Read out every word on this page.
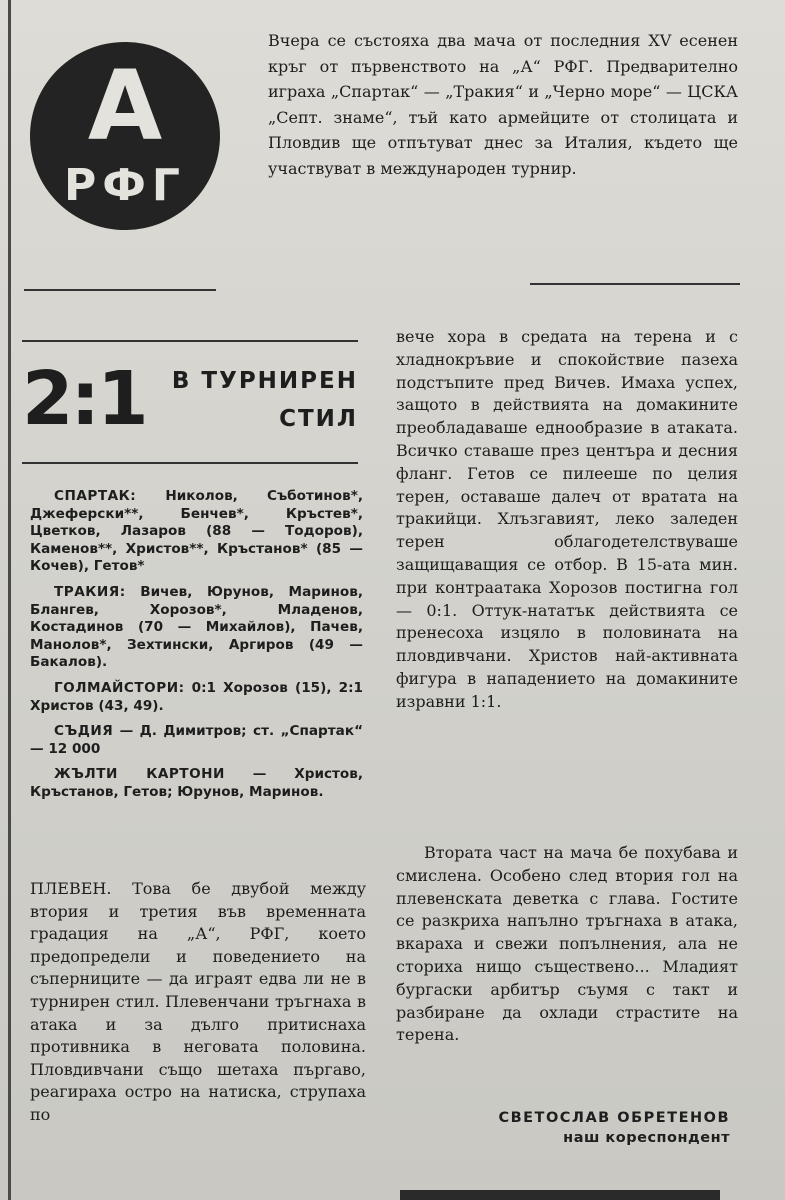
А
РФГ

Вчера се състояха два мача от последния XV есенен кръг от първенството на „А“ РФГ. Предварително играха „Спартак“ — „Тракия“ и „Черно море“ — ЦСКА „Септ. знаме“, тъй като армейците от столицата и Пловдив ще отпътуват днес за Италия, където ще участвуват в международен турнир.

2:1	В ТУРНИРЕН
СТИЛ

СПАРТАК: Николов, Съботинов*, Джеферски**, Бенчев*, Кръстев*, Цветков, Лазаров (88 — Тодоров), Каменов**, Христов**, Кръстанов* (85 — Кочев), Гетов*

ТРАКИЯ: Вичев, Юрунов, Маринов, Блангев, Хорозов*, Младенов, Костадинов (70 — Михайлов), Пачев, Манолов*, Зехтински, Аргиров (49 — Бакалов).

ГОЛМАЙСТОРИ: 0:1 Хорозов (15), 2:1 Христов (43, 49).

СЪДИЯ — Д. Димитров; ст. „Спартак“ — 12 000

ЖЪЛТИ КАРТОНИ — Христов, Кръстанов, Гетов; Юрунов, Маринов.

ПЛЕВЕН. Това бе двубой между втория и третия във временната градация на „А“, РФГ, което предопредели и поведението на съперниците — да играят едва ли не в турнирен стил. Плевенчани тръгнаха в атака и за дълго притиснаха противника в неговата половина. Пловдивчани също шетаха пъргаво, реагираха остро на натиска, струпаха по

вече хора в средата на терена и с хладнокръвие и спокойствие пазеха подстъпите пред Вичев. Имаха успех, защото в действията на домакините преобладаваше еднообразие в атаката. Всичко ставаше през центъра и десния фланг. Гетов се пилееше по целия терен, оставаше далеч от вратата на тракийци. Хлъзгавият, леко заледен терен облагодетелствуваше защищаващия се отбор. В 15-ата мин. при контраатака Хорозов постигна гол — 0:1. Оттук-нататък действията се пренесоха изцяло в половината на пловдивчани. Христов най-активната фигура в нападението на домакините изравни 1:1.

Втората част на мача бе похубава и смислена. Особено след втория гол на плевенската деветка с глава. Гостите се разкриха напълно тръгнаха в атака, вкараха и свежи попълнения, ала не сториха нищо съществено... Младият бургаски арбитър съумя с такт и разбиране да охлади страстите на терена.

СВЕТОСЛАВ ОБРЕТЕНОВ
наш кореспондент
